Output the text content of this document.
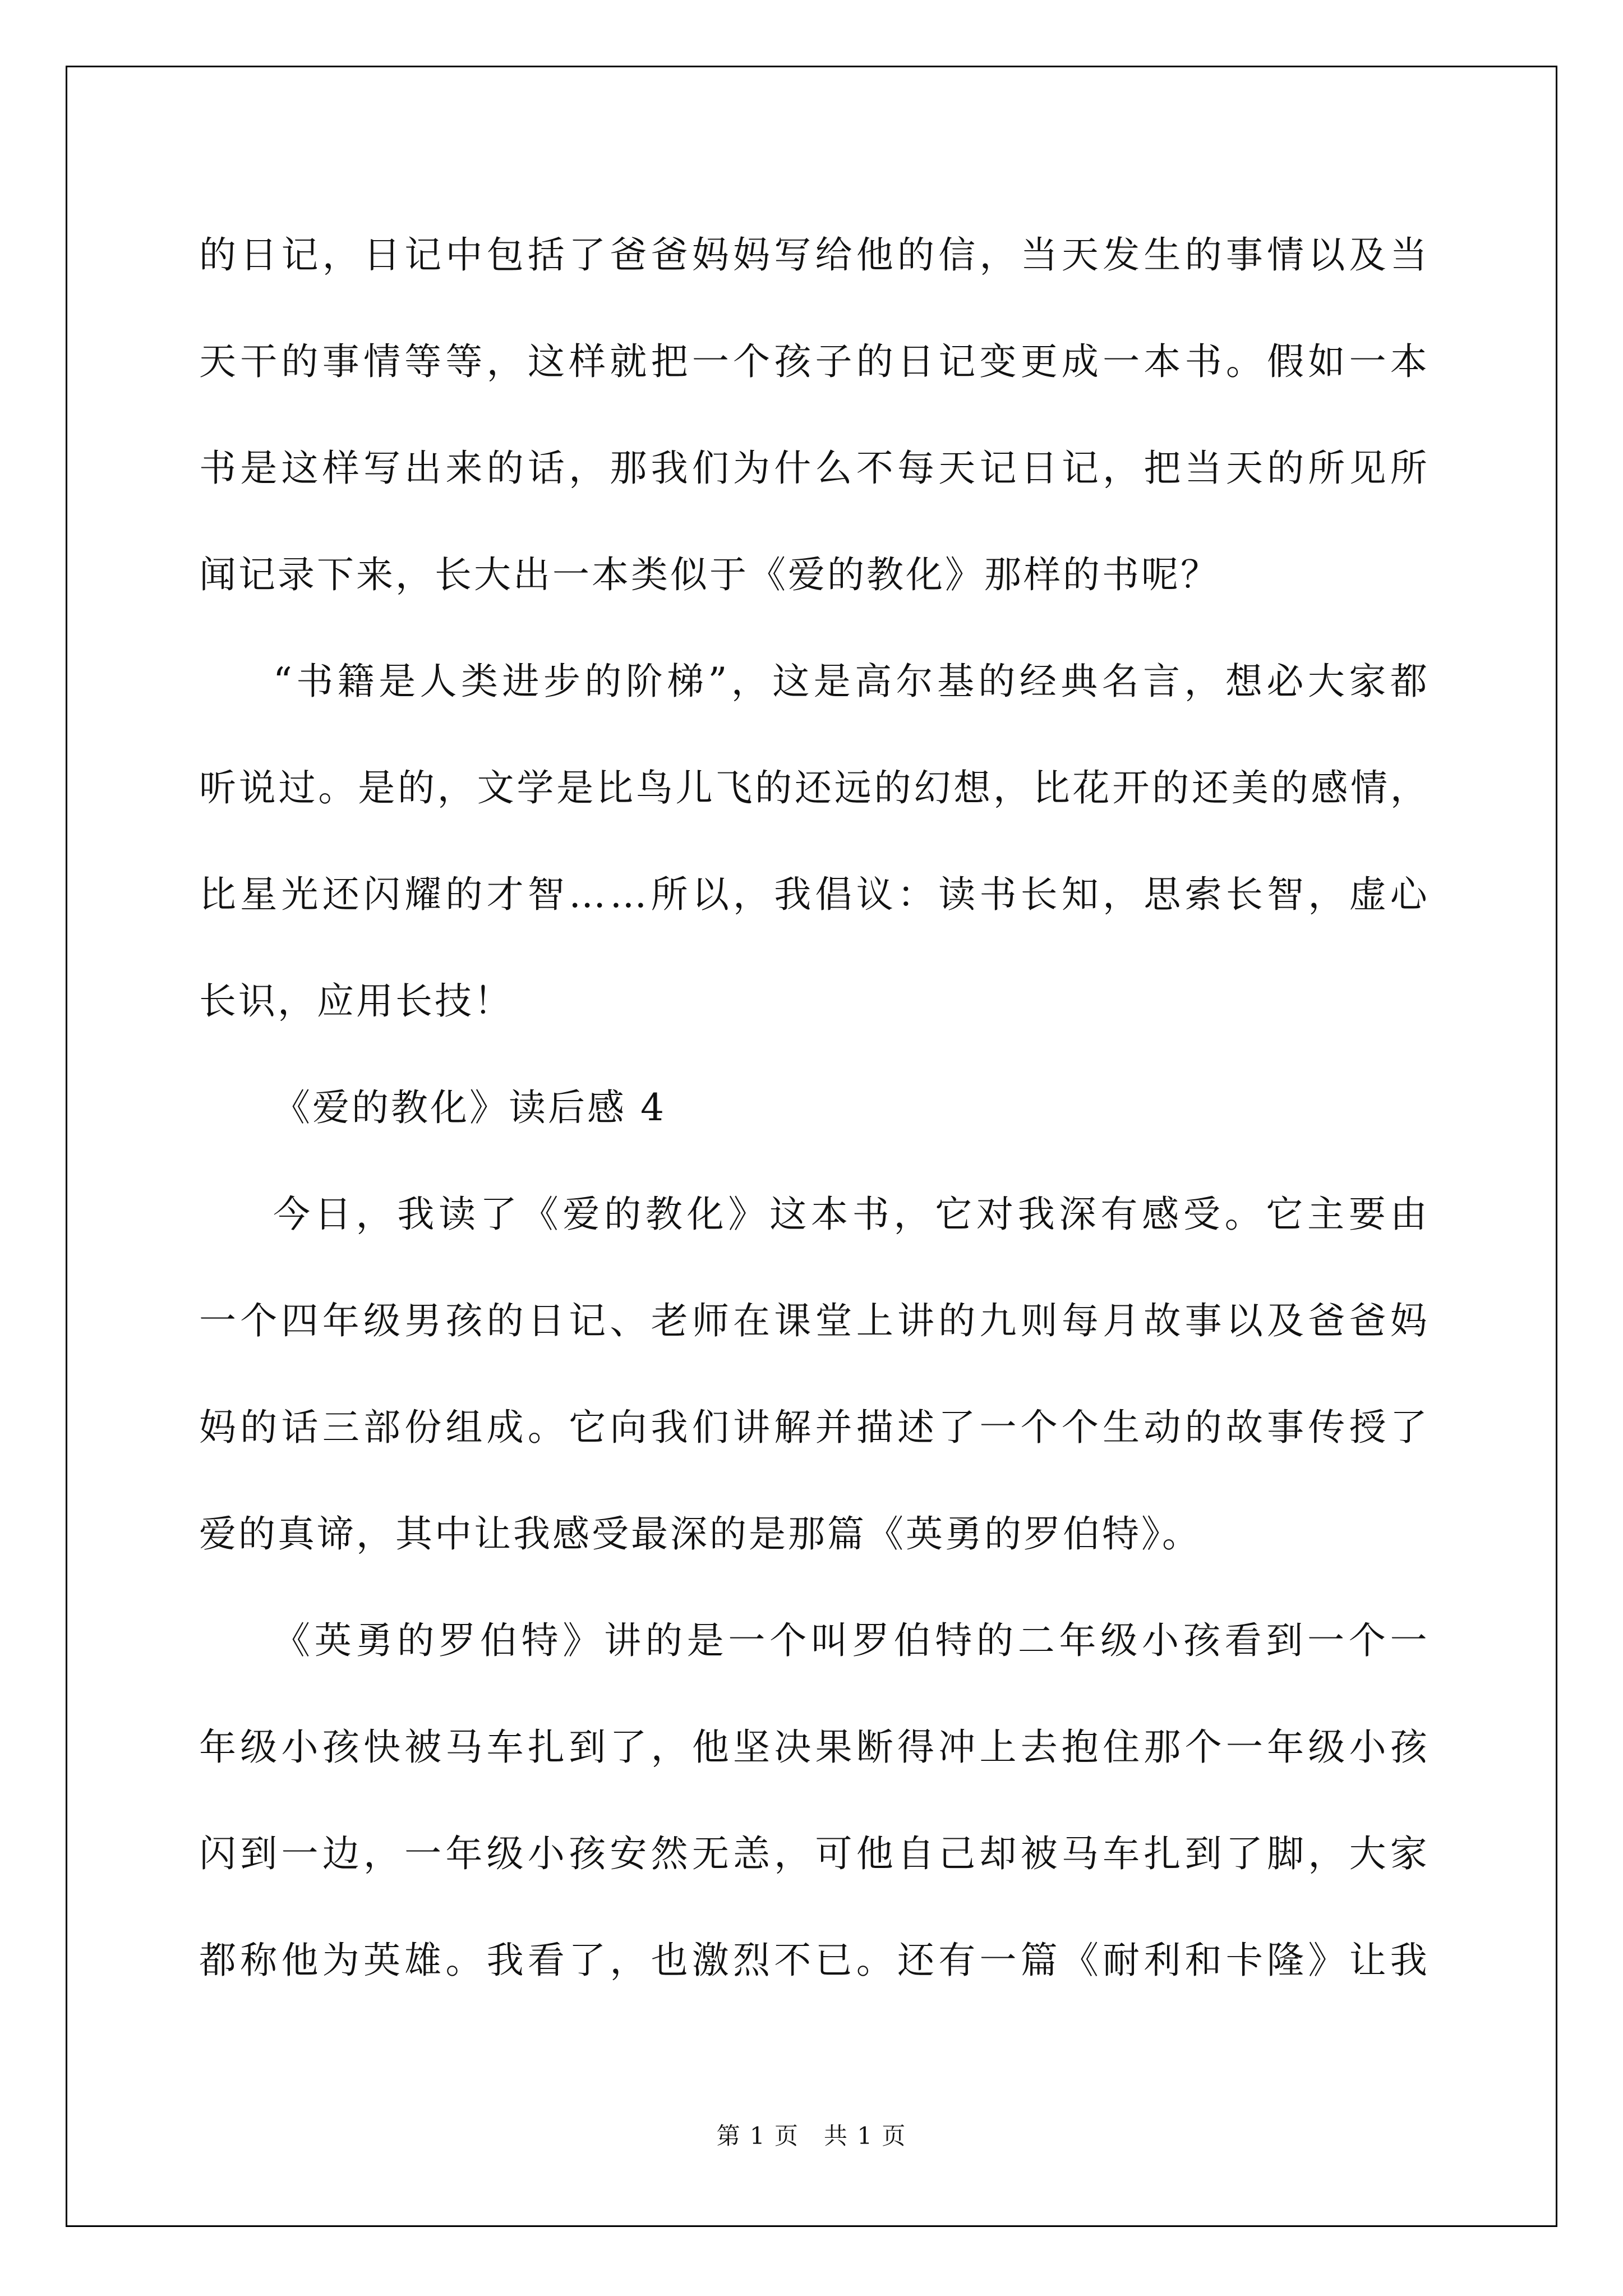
的 日 记 ， 日 记 中 包 括 了 爸 爸 妈 妈 写 给 他 的 信 ， 当 天 发 生 的 事 情 以 及 当
天 干 的 事 情 等 等 ， 这 样 就 把 一 个 孩 子 的 日 记 变 更 成 一 本 书 。 假 如 一 本
书 是 这 样 写 出 来 的 话 ， 那 我 们 为 什 么 不 每 天 记 日 记 ， 把 当 天 的 所 见 所
闻记录下来，长大出一本类似于《爱的教化》那样的书呢？
“ 书 籍 是 人 类 进 步 的 阶 梯 ” ， 这 是 高 尔 基 的 经 典 名 言 ， 想 必 大 家 都
听 说 过 。 是 的 ， 文 学 是 比 鸟 儿 飞 的 还 远 的 幻 想 ， 比 花 开 的 还 美 的 感 情 ，
比 星 光 还 闪 耀 的 才 智 … … 所 以 ， 我 倡 议 ： 读 书 长 知 ， 思 索 长 智 ， 虚 心
长识，应用长技！
《爱的教化》读后感 4
今 日 ， 我 读 了 《 爱 的 教 化 》 这 本 书 ， 它 对 我 深 有 感 受 。 它 主 要 由
一 个 四 年 级 男 孩 的 日 记 、 老 师 在 课 堂 上 讲 的 九 则 每 月 故 事 以 及 爸 爸 妈
妈 的 话 三 部 份 组 成 。 它 向 我 们 讲 解 并 描 述 了 一 个 个 生 动 的 故 事 传 授 了
爱的真谛，其中让我感受最深的是那篇《英勇的罗伯特》。
《 英 勇 的 罗 伯 特 》 讲 的 是 一 个 叫 罗 伯 特 的 二 年 级 小 孩 看 到 一 个 一
年 级 小 孩 快 被 马 车 扎 到 了 ， 他 坚 决 果 断 得 冲 上 去 抱 住 那 个 一 年 级 小 孩
闪 到 一 边 ， 一 年 级 小 孩 安 然 无 恙 ， 可 他 自 己 却 被 马 车 扎 到 了 脚 ， 大 家
都 称 他 为 英 雄 。 我 看 了 ， 也 激 烈 不 已 。 还 有 一 篇 《 耐 利 和 卡 隆 》 让 我
第 1 页　共 1 页
